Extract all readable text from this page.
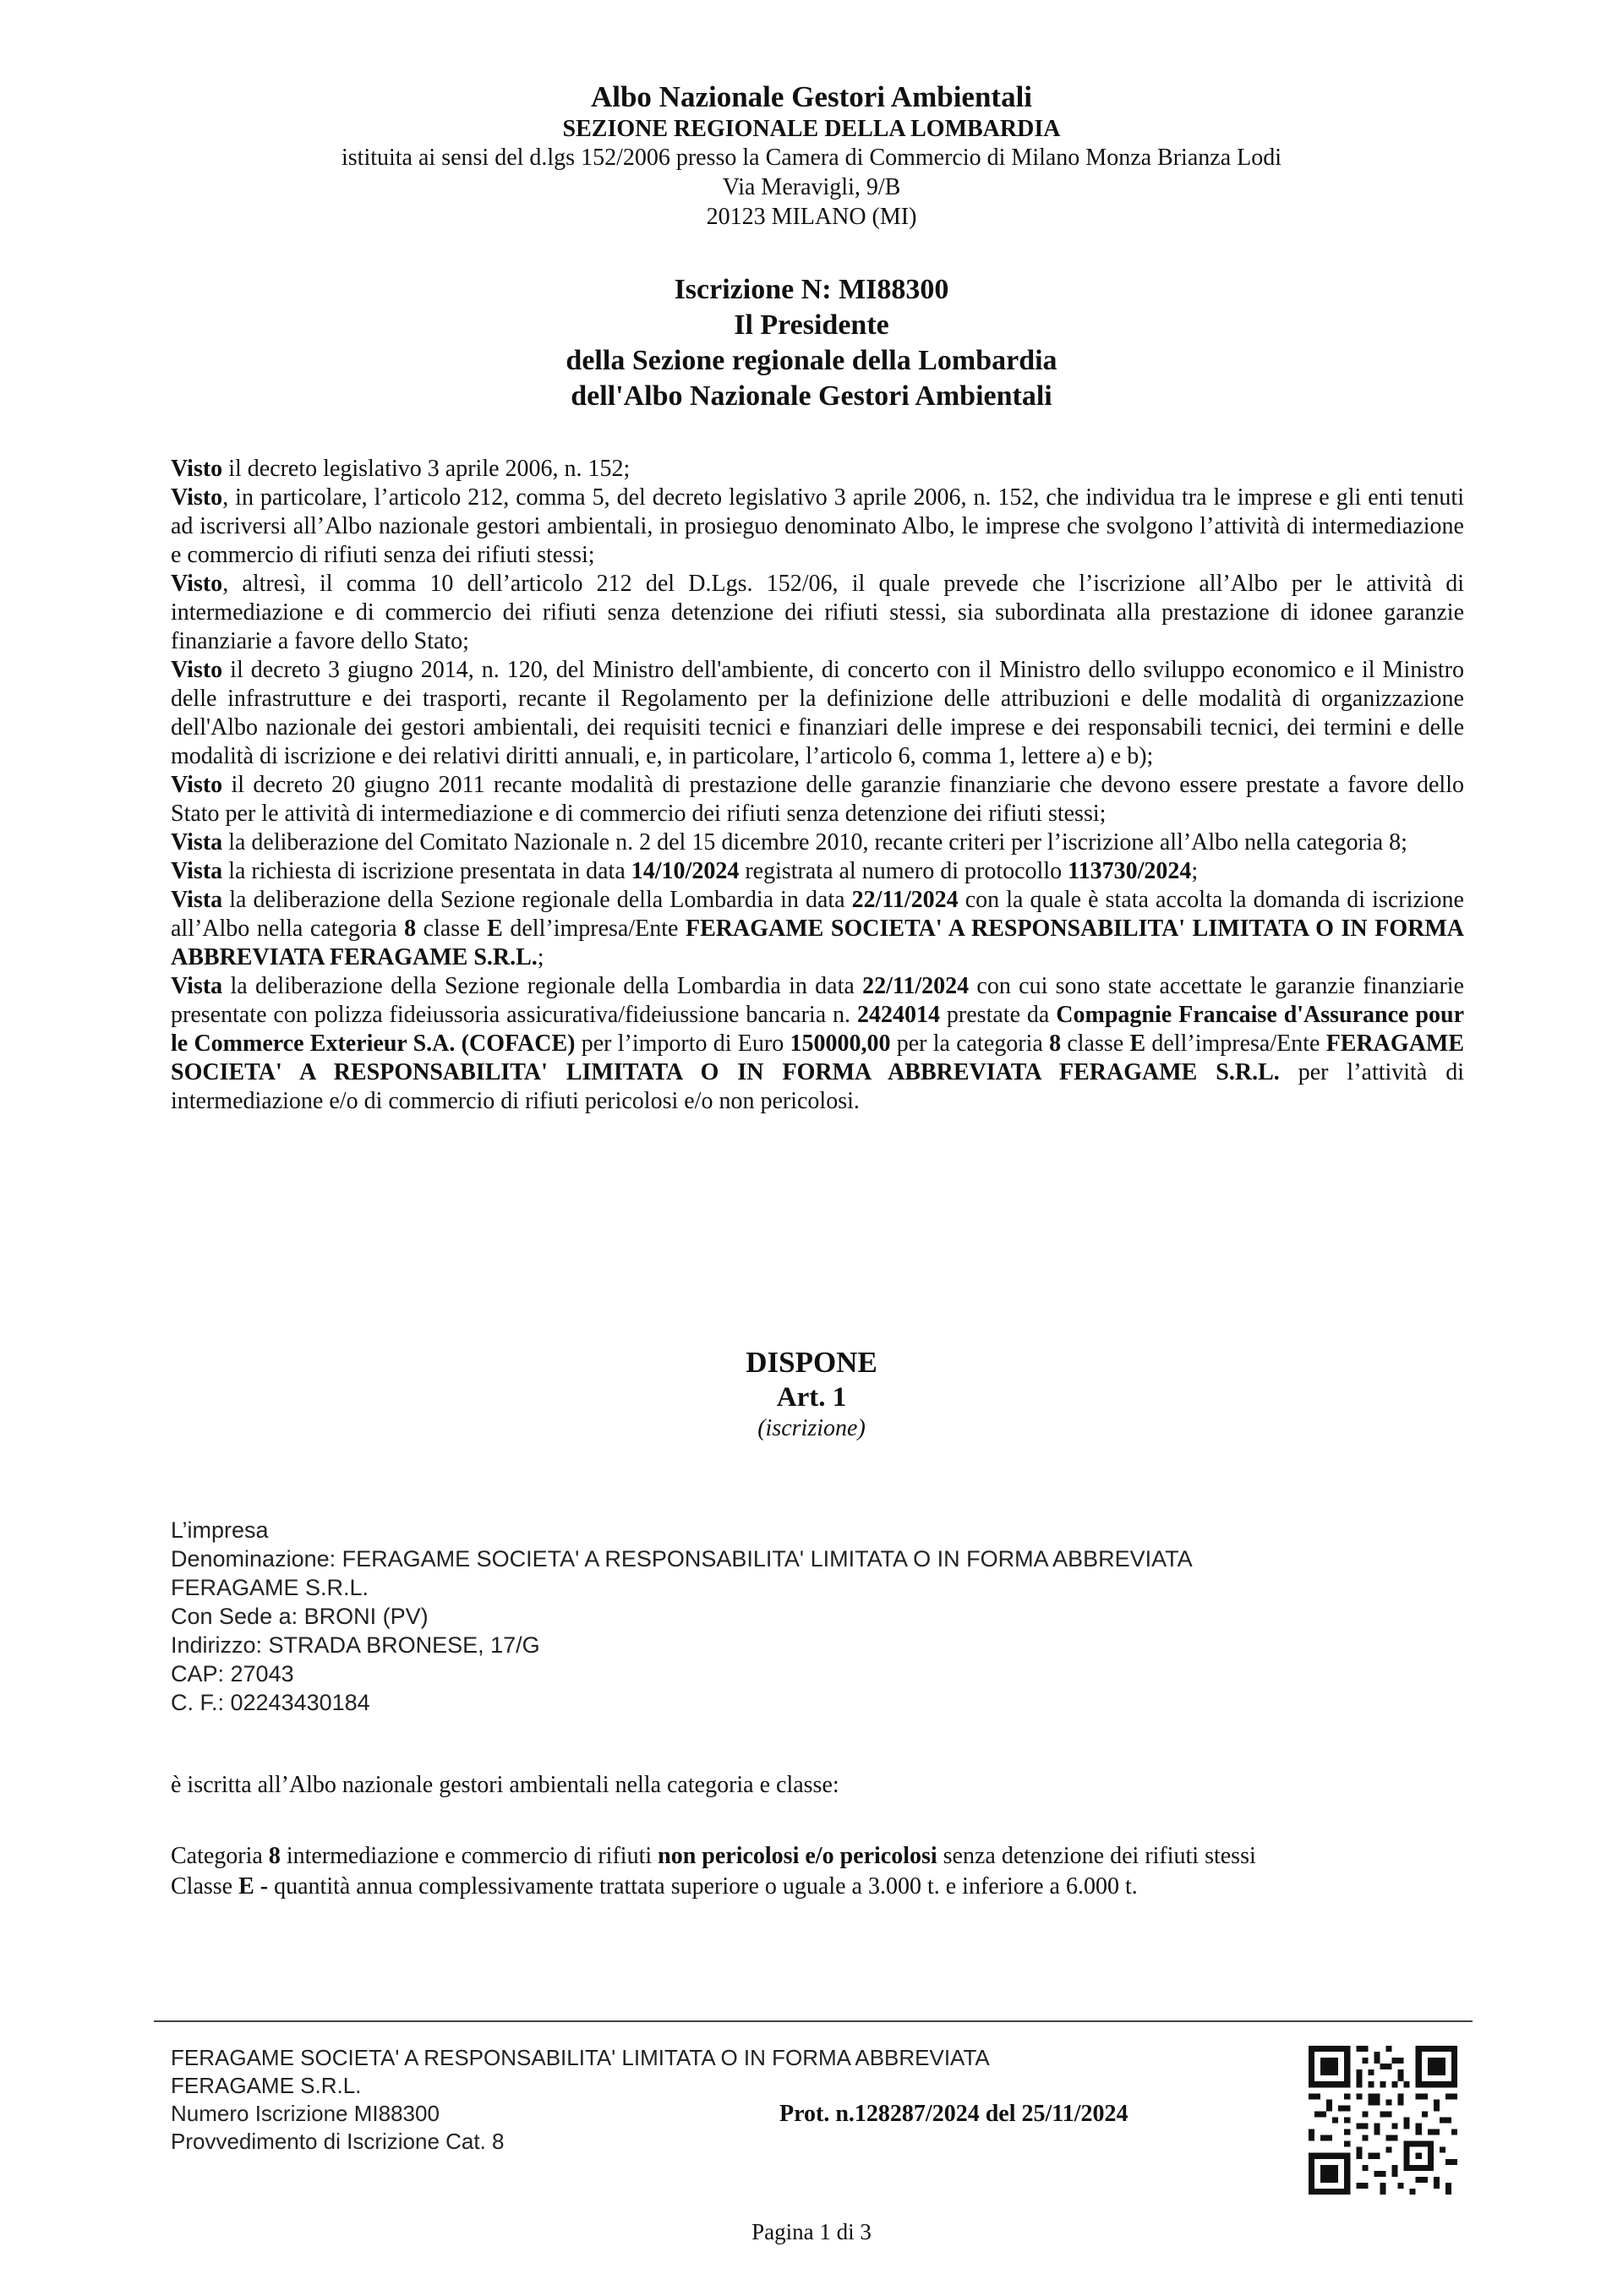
Albo Nazionale Gestori Ambientali
SEZIONE REGIONALE DELLA LOMBARDIA
istituita ai sensi del d.lgs 152/2006 presso la Camera di Commercio di Milano Monza Brianza Lodi
Via Meravigli, 9/B
20123 MILANO (MI)
Iscrizione N: MI88300
Il Presidente
della Sezione regionale della Lombardia
dell'Albo Nazionale Gestori Ambientali

Visto il decreto legislativo 3 aprile 2006, n. 152;

Visto, in particolare, l’articolo 212, comma 5, del decreto legislativo 3 aprile 2006, n. 152, che individua tra le imprese e gli enti tenuti ad iscriversi all’Albo nazionale gestori ambientali, in prosieguo denominato Albo, le imprese che svolgono l’attività di intermediazione e commercio di rifiuti senza dei rifiuti stessi;

Visto, altresì, il comma 10 dell’articolo 212 del D.Lgs. 152/06, il quale prevede che l’iscrizione all’Albo per le attività di intermediazione e di commercio dei rifiuti senza detenzione dei rifiuti stessi, sia subordinata alla prestazione di idonee garanzie finanziarie a favore dello Stato;

Visto il decreto 3 giugno 2014, n. 120, del Ministro dell'ambiente, di concerto con il Ministro dello sviluppo economico e il Ministro delle infrastrutture e dei trasporti, recante il Regolamento per la definizione delle attribuzioni e delle modalità di organizzazione dell'Albo nazionale dei gestori ambientali, dei requisiti tecnici e finanziari delle imprese e dei responsabili tecnici, dei termini e delle modalità di iscrizione e dei relativi diritti annuali, e, in particolare, l’articolo 6, comma 1, lettere a) e b);

Visto il decreto 20 giugno 2011 recante modalità di prestazione delle garanzie finanziarie che devono essere prestate a favore dello Stato per le attività di intermediazione e di commercio dei rifiuti senza detenzione dei rifiuti stessi;

Vista la deliberazione del Comitato Nazionale n. 2 del 15 dicembre 2010, recante criteri per l’iscrizione all’Albo nella categoria 8;

Vista la richiesta di iscrizione presentata in data 14/10/2024 registrata al numero di protocollo 113730/2024;

Vista la deliberazione della Sezione regionale della Lombardia in data 22/11/2024 con la quale è stata accolta la domanda di iscrizione all’Albo nella categoria 8 classe E dell’impresa/Ente FERAGAME SOCIETA' A RESPONSABILITA' LIMITATA O IN FORMA ABBREVIATA FERAGAME S.R.L.;

Vista la deliberazione della Sezione regionale della Lombardia in data 22/11/2024 con cui sono state accettate le garanzie finanziarie presentate con polizza fideiussoria assicurativa/fideiussione bancaria n. 2424014 prestate da Compagnie Francaise d'Assurance pour le Commerce Exterieur S.A. (COFACE) per l’importo di Euro 150000,00 per la categoria 8 classe E dell’impresa/Ente FERAGAME SOCIETA' A RESPONSABILITA' LIMITATA O IN FORMA ABBREVIATA FERAGAME S.R.L. per l’attività di intermediazione e/o di commercio di rifiuti pericolosi e/o non pericolosi.

DISPONE
Art. 1
(iscrizione)
L’impresa
Denominazione: FERAGAME SOCIETA' A RESPONSABILITA' LIMITATA O IN FORMA ABBREVIATA
FERAGAME S.R.L.
Con Sede a: BRONI (PV)
Indirizzo: STRADA BRONESE, 17/G
CAP: 27043
C. F.: 02243430184
è iscritta all’Albo nazionale gestori ambientali nella categoria e classe:
Categoria 8 intermediazione e commercio di rifiuti non pericolosi e/o pericolosi senza detenzione dei rifiuti stessi
Classe E - quantità annua complessivamente trattata superiore o uguale a 3.000 t. e inferiore a 6.000 t.
FERAGAME SOCIETA' A RESPONSABILITA' LIMITATA O IN FORMA ABBREVIATA
FERAGAME S.R.L.
Numero Iscrizione MI88300
Provvedimento di Iscrizione Cat. 8
Prot. n.128287/2024 del 25/11/2024
Pagina 1 di 3
